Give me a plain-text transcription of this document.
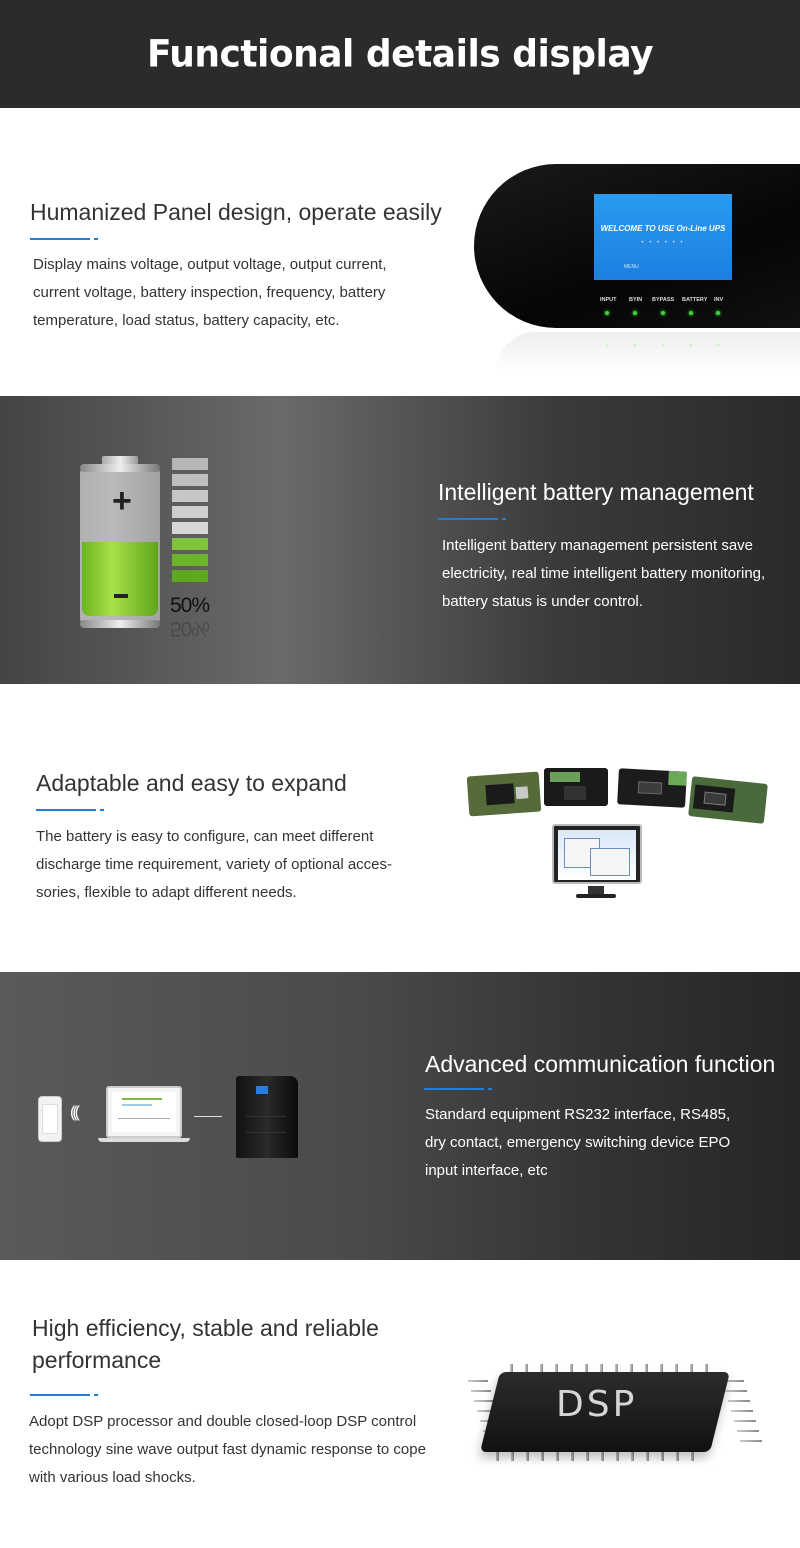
Functional details display
Humanized Panel design, operate easily
Display mains voltage, output voltage, output current, current voltage, battery inspection, frequency, battery temperature, load status, battery capacity, etc.
WELCOME TO USE On-Line UPS
• • • • • •
MENU
INPUT BYIN BYPASS BATTERY INV
+
50%
50%
Intelligent battery management
Intelligent battery management persistent save electricity, real time intelligent battery monitoring, battery status is under control.
Adaptable and easy to expand
The battery is easy to configure, can meet different discharge time requirement, variety of optional acces-sories, flexible to adapt different needs.
(((
Advanced communication function
Standard equipment RS232 interface, RS485, dry contact, emergency switching device EPO input interface, etc
High efficiency, stable and reliable performance
Adopt DSP processor and double closed-loop DSP control technology sine wave output fast dynamic response to cope with various load shocks.
DSP
